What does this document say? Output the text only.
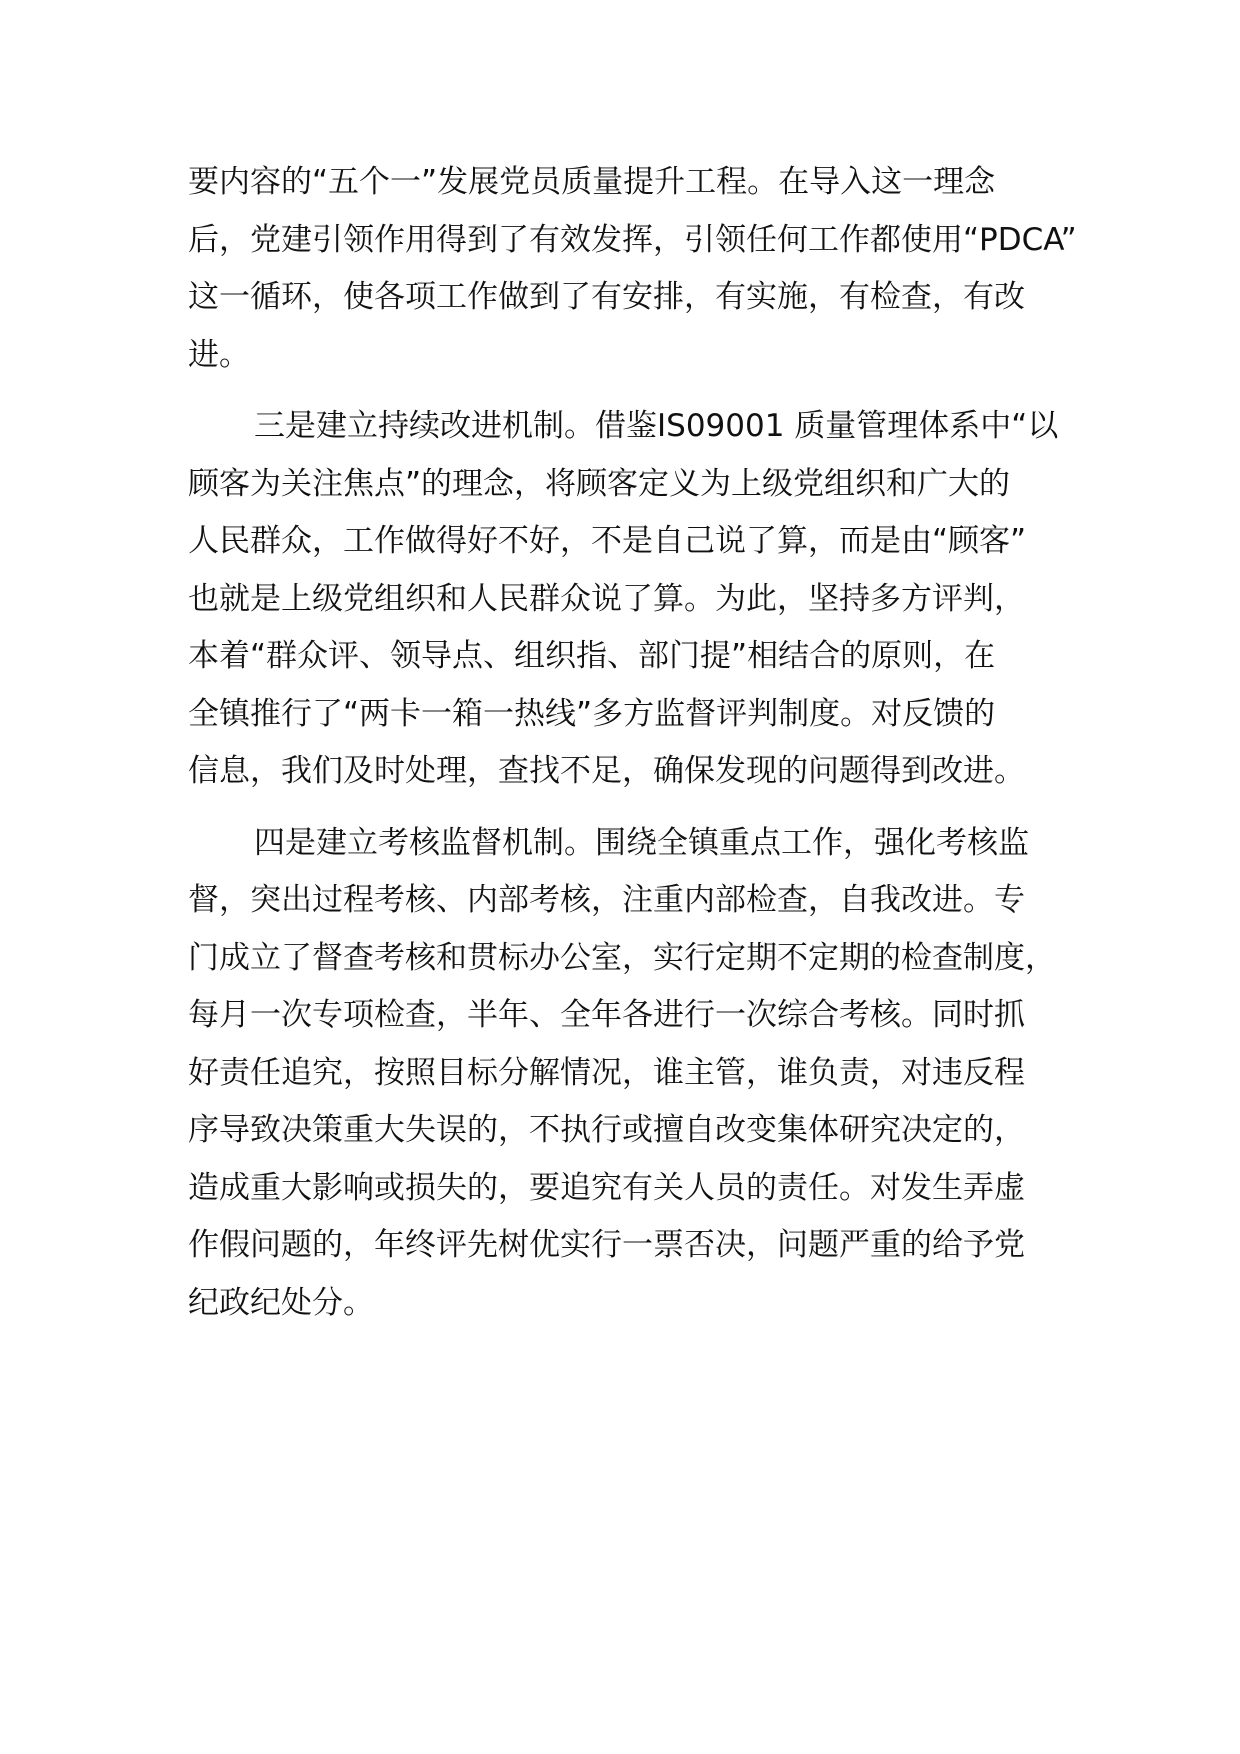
要内容的“五个一”发展党员质量提升工程。在导入这一理念
后，党建引领作用得到了有效发挥，引领任何工作都使用“PDCA”
这一循环，使各项工作做到了有安排，有实施，有检查，有改
进。

三是建立持续改进机制。借鉴IS09001 质量管理体系中“以
顾客为关注焦点”的理念，将顾客定义为上级党组织和广大的
人民群众，工作做得好不好，不是自己说了算，而是由“顾客”
也就是上级党组织和人民群众说了算。为此，坚持多方评判，
本着“群众评、领导点、组织指、部门提”相结合的原则，在
全镇推行了“两卡一箱一热线”多方监督评判制度。对反馈的
信息，我们及时处理，查找不足，确保发现的问题得到改进。

四是建立考核监督机制。围绕全镇重点工作，强化考核监
督，突出过程考核、内部考核，注重内部检查，自我改进。专
门成立了督查考核和贯标办公室，实行定期不定期的检查制度，
每月一次专项检查，半年、全年各进行一次综合考核。同时抓
好责任追究，按照目标分解情况，谁主管，谁负责，对违反程
序导致决策重大失误的，不执行或擅自改变集体研究决定的，
造成重大影响或损失的，要追究有关人员的责任。对发生弄虚
作假问题的，年终评先树优实行一票否决，问题严重的给予党
纪政纪处分。
